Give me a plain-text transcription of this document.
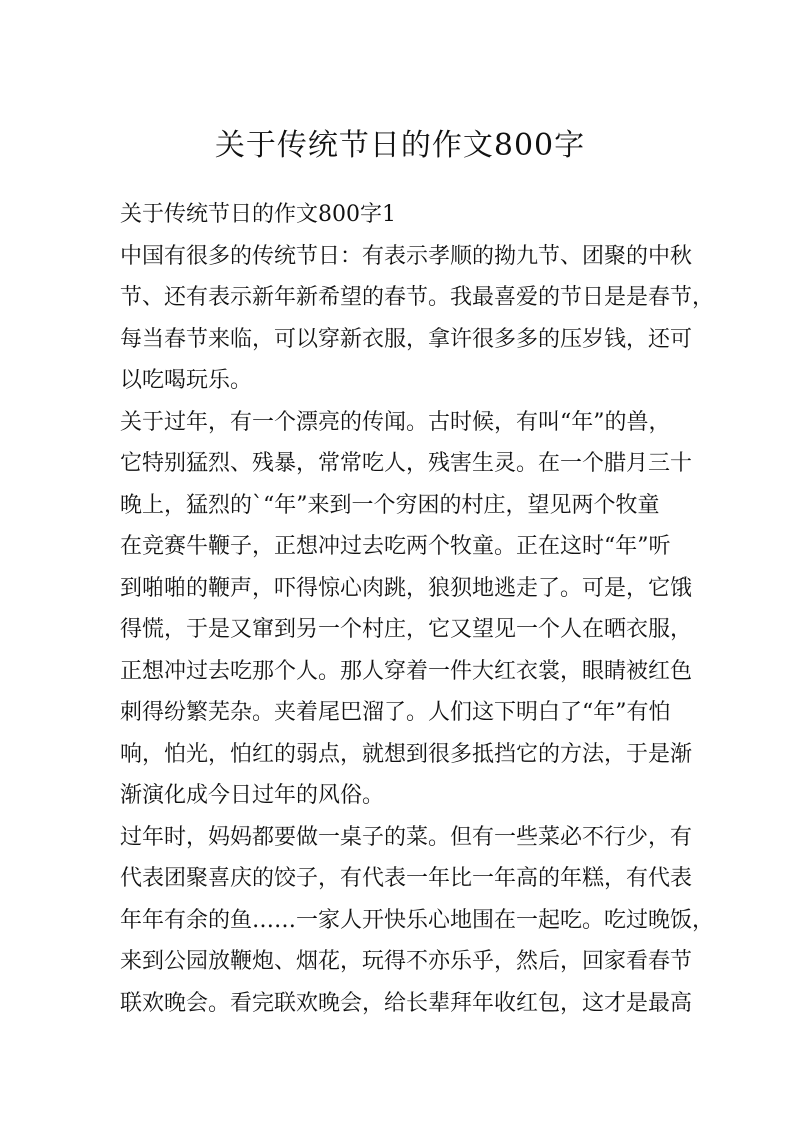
关于传统节日的作文800字
关于传统节日的作文800字1
中国有很多的传统节日：有表示孝顺的拗九节、团聚的中秋
节、还有表示新年新希望的春节。我最喜爱的节日是是春节，
每当春节来临，可以穿新衣服，拿许很多多的压岁钱，还可
以吃喝玩乐。
关于过年，有一个漂亮的传闻。古时候，有叫“年”的兽，
它特别猛烈、残暴，常常吃人，残害生灵。在一个腊月三十
晚上，猛烈的`“年”来到一个穷困的村庄，望见两个牧童
在竞赛牛鞭子，正想冲过去吃两个牧童。正在这时“年”听
到啪啪的鞭声，吓得惊心肉跳，狼狈地逃走了。可是，它饿
得慌，于是又窜到另一个村庄，它又望见一个人在晒衣服，
正想冲过去吃那个人。那人穿着一件大红衣裳，眼睛被红色
刺得纷繁芜杂。夹着尾巴溜了。人们这下明白了“年”有怕
响，怕光，怕红的弱点，就想到很多抵挡它的方法，于是渐
渐演化成今日过年的风俗。
过年时，妈妈都要做一桌子的菜。但有一些菜必不行少，有
代表团聚喜庆的饺子，有代表一年比一年高的年糕，有代表
年年有余的鱼……一家人开快乐心地围在一起吃。吃过晚饭，
来到公园放鞭炮、烟花，玩得不亦乐乎，然后，回家看春节
联欢晚会。看完联欢晚会，给长辈拜年收红包，这才是最高
